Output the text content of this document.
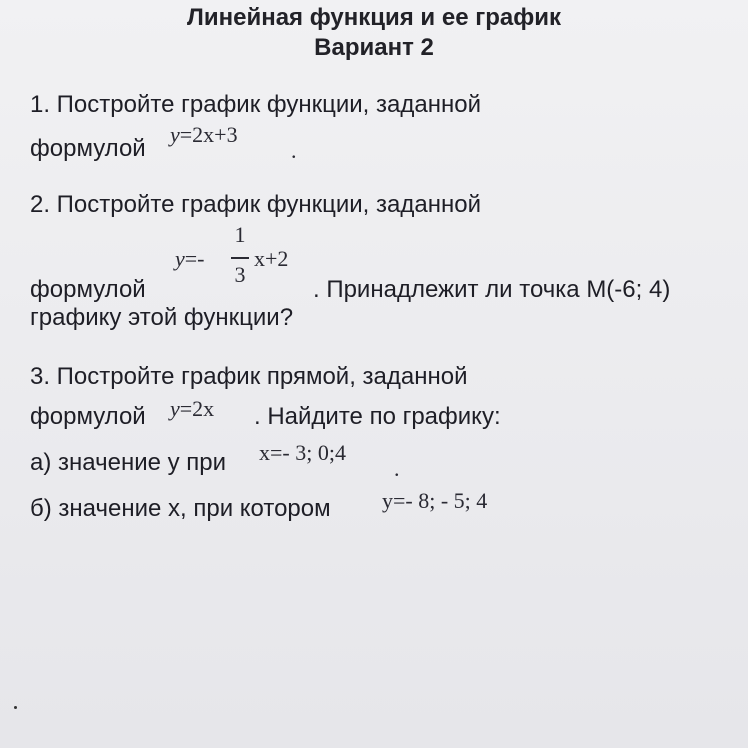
Линейная функция и ее график
Вариант 2
1. Постройте график функции, заданной
формулой
y=2x+3
.
2. Постройте график функции, заданной
y=-
1
3
x+2
формулой	. Принадлежит ли точка М(-6; 4)
графику этой функции?
3. Постройте график прямой, заданной
формулой y=2x . Найдите по графику:
а) значение у при x=- 3; 0;4
.
б) значение х, при котором y=- 8; - 5; 4
